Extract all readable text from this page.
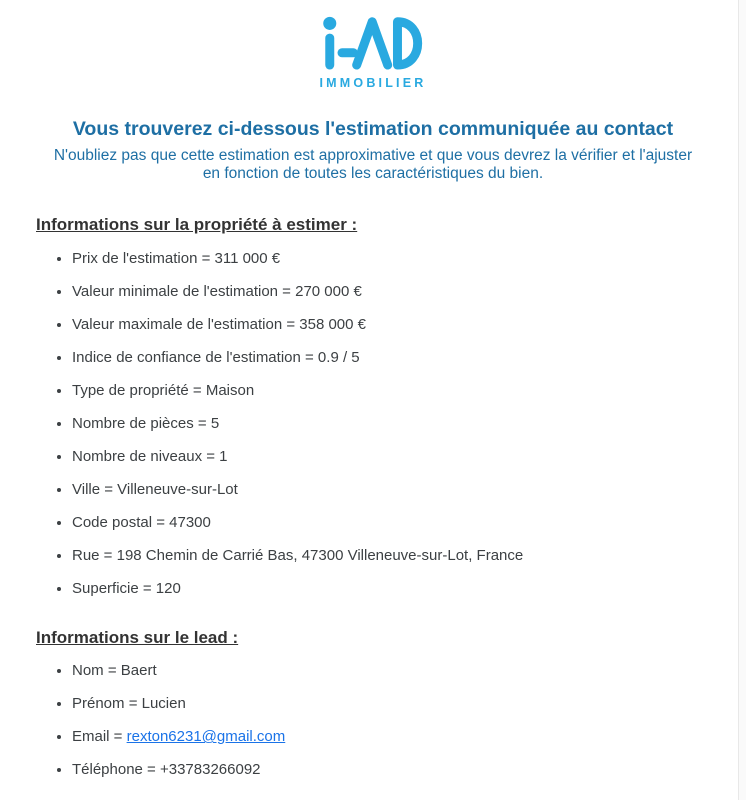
IMMOBILIER
Vous trouverez ci-dessous l'estimation communiquée au contact

N'oubliez pas que cette estimation est approximative et que vous devrez la vérifier et l'ajuster
en fonction de toutes les caractéristiques du bien.

Informations sur la propriété à estimer :
• Prix de l'estimation = 311 000 €
• Valeur minimale de l'estimation = 270 000 €
• Valeur maximale de l'estimation = 358 000 €
• Indice de confiance de l'estimation = 0.9 / 5
• Type de propriété = Maison
• Nombre de pièces = 5
• Nombre de niveaux = 1
• Ville = Villeneuve-sur-Lot
• Code postal = 47300
• Rue = 198 Chemin de Carrié Bas, 47300 Villeneuve-sur-Lot, France
• Superficie = 120
Informations sur le lead :
• Nom = Baert
• Prénom = Lucien
• Email = rexton6231@gmail.com
• Téléphone = +33783266092
